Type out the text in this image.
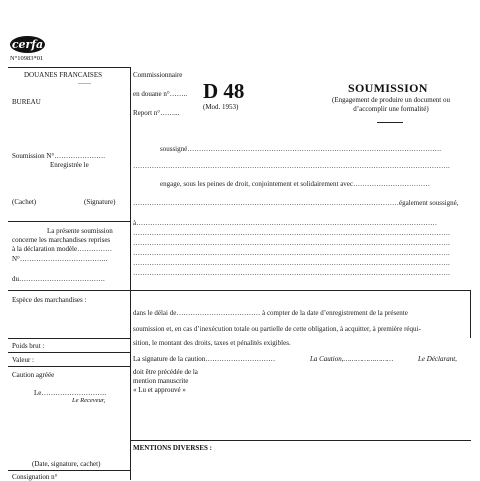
cerfa
N°10983*01
DOUANES FRANCAISES
——
BUREAU
Commissionnaire
en douane n°……..
Report n°……...
D 48
(Mod. 1953)
SOUMISSION
(Engagement de produire un document ou
d’accomplir une formalité)
Soumission N°………………….
Enregistrée le
(Cachet)	(Signature)
La présente soumission
concerne les marchandises reprises
à la déclaration modèle……………
N°………………………………..
du……………………………….
Espèce des marchandises :
Poids brut :
Valeur :
Caution agréée
Le……………………….
Le Receveur,
(Date, signature, cachet)
Consignation n°
soussigné……………………………………………………………………………………………….
……………………………………………………………………………………………………………………….
engage, sous les peines de droit, conjointement et solidairement avec……………………………
……………………………………………………………………………………………………également soussigné,
à…………………………………………………………………………………………………………………
……………………………………………………………………………………………………………………….
……………………………………………………………………………………………………………………….
……………………………………………………………………………………………………………………….
……………………………………………………………………………………………………………………….
……………………………………………………………………………………………………………………….
dans le délai de……………………………… à compter de la date d’enregistrement de la présente
soumission et, en cas d’inexécution totale ou partielle de cette obligation, à acquitter, à première réqui-
sition, le montant des droits, taxes et pénalités exigibles.
La signature de la caution…………………………	La Caution,……………………	Le Déclarant,
doit être précédée de la
mention manuscrite
« Lu et approuvé »
MENTIONS DIVERSES :
